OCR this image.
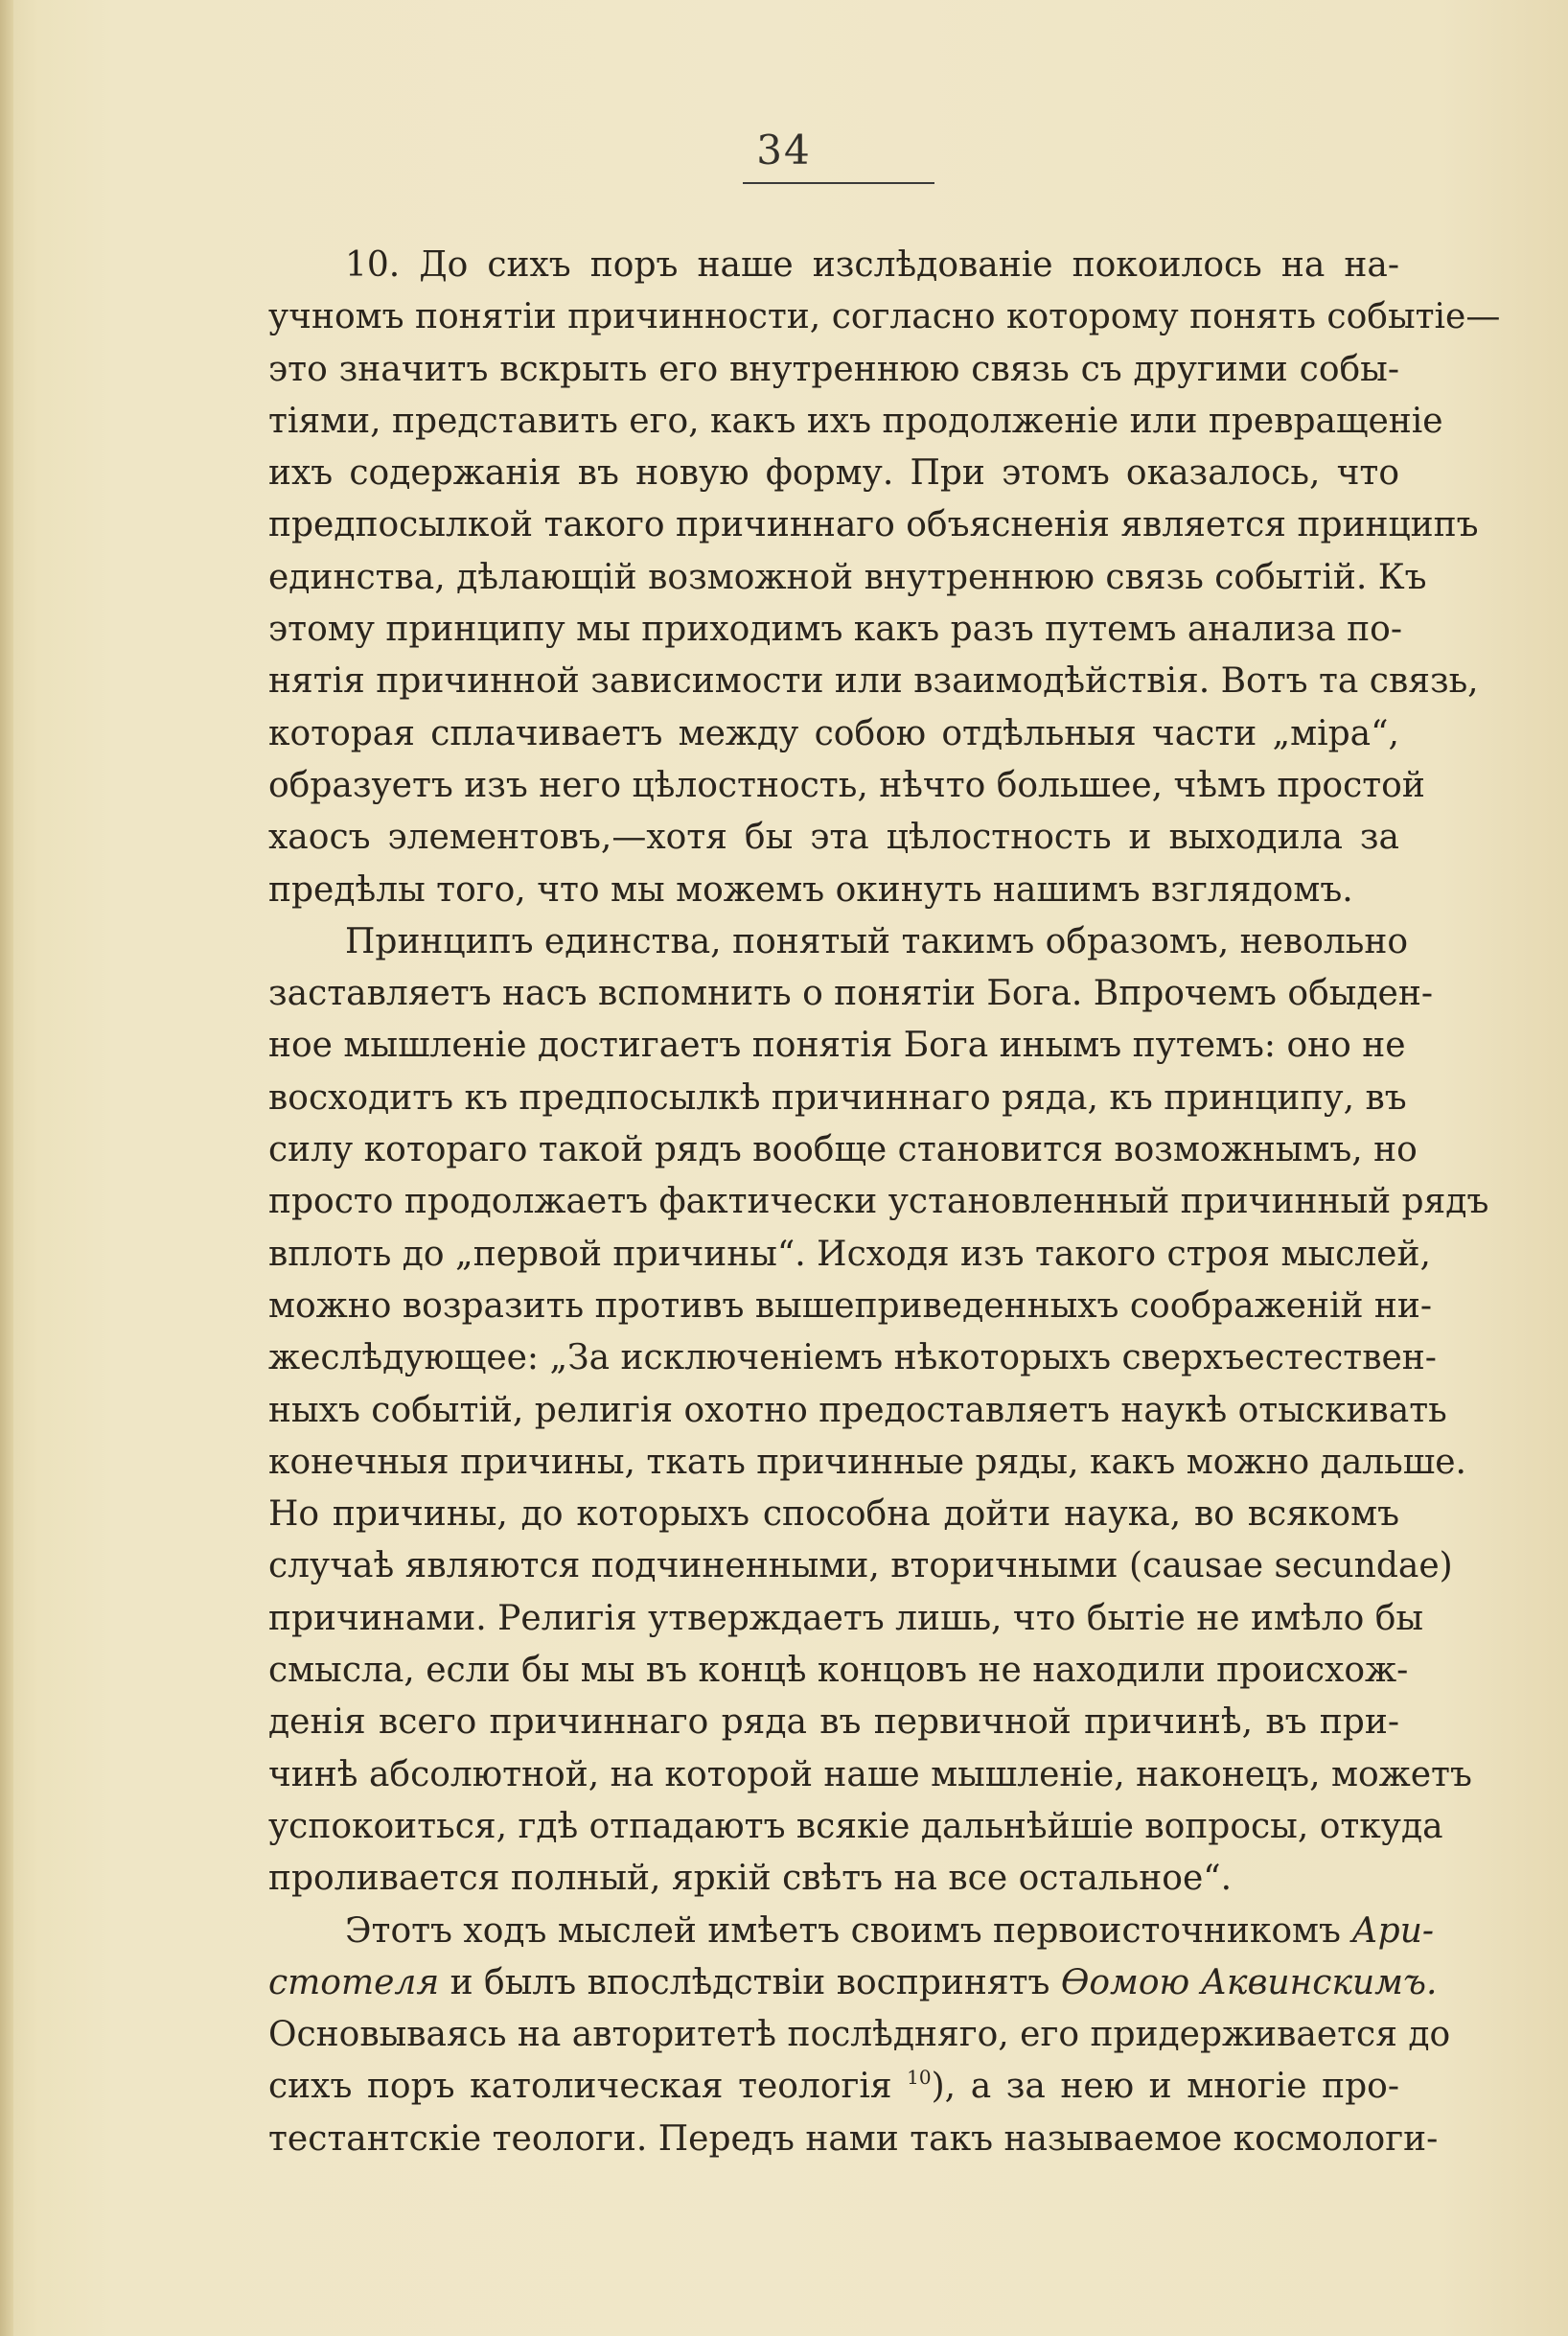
34
10. До сихъ поръ наше изслѣдованіе покоилось на на-
учномъ понятіи причинности, согласно которому понять событіе—
это значитъ вскрыть его внутреннюю связь съ другими собы-
тіями, представить его, какъ ихъ продолженіе или превращеніе
ихъ содержанія въ новую форму. При этомъ оказалось, что
предпосылкой такого причиннаго объясненія является принципъ
единства, дѣлающій возможной внутреннюю связь событій. Къ
этому принципу мы приходимъ какъ разъ путемъ анализа по-
нятія причинной зависимости или взаимодѣйствія. Вотъ та связь,
которая сплачиваетъ между собою отдѣльныя части „міра“,
образуетъ изъ него цѣлостность, нѣчто большее, чѣмъ простой
хаосъ элементовъ,—хотя бы эта цѣлостность и выходила за
предѣлы того, что мы можемъ окинуть нашимъ взглядомъ.
Принципъ единства, понятый такимъ образомъ, невольно
заставляетъ насъ вспомнить о понятіи Бога. Впрочемъ обыден-
ное мышленіе достигаетъ понятія Бога инымъ путемъ: оно не
восходитъ къ предпосылкѣ причиннаго ряда, къ принципу, въ
силу котораго такой рядъ вообще становится возможнымъ, но
просто продолжаетъ фактически установленный причинный рядъ
вплоть до „первой причины“. Исходя изъ такого строя мыслей,
можно возразить противъ вышеприведенныхъ соображеній ни-
жеслѣдующее: „За исключеніемъ нѣкоторыхъ сверхъестествен-
ныхъ событій, религія охотно предоставляетъ наукѣ отыскивать
конечныя причины, ткать причинные ряды, какъ можно дальше.
Но причины, до которыхъ способна дойти наука, во всякомъ
случаѣ являются подчиненными, вторичными (causae secundae)
причинами. Религія утверждаетъ лишь, что бытіе не имѣло бы
смысла, если бы мы въ концѣ концовъ не находили происхож-
денія всего причиннаго ряда въ первичной причинѣ, въ при-
чинѣ абсолютной, на которой наше мышленіе, наконецъ, можетъ
успокоиться, гдѣ отпадаютъ всякіе дальнѣйшіе вопросы, откуда
проливается полный, яркій свѣтъ на все остальное“.
Этотъ ходъ мыслей имѣетъ своимъ первоисточникомъ Ари-
стотеля и былъ впослѣдствіи воспринятъ Ѳомою Аквинскимъ.
Основываясь на авторитетѣ послѣдняго, его придерживается до
сихъ поръ католическая теологія $^{10}$), а за нею и многіе про-
тестантскіе теологи. Передъ нами такъ называемое космологи-
